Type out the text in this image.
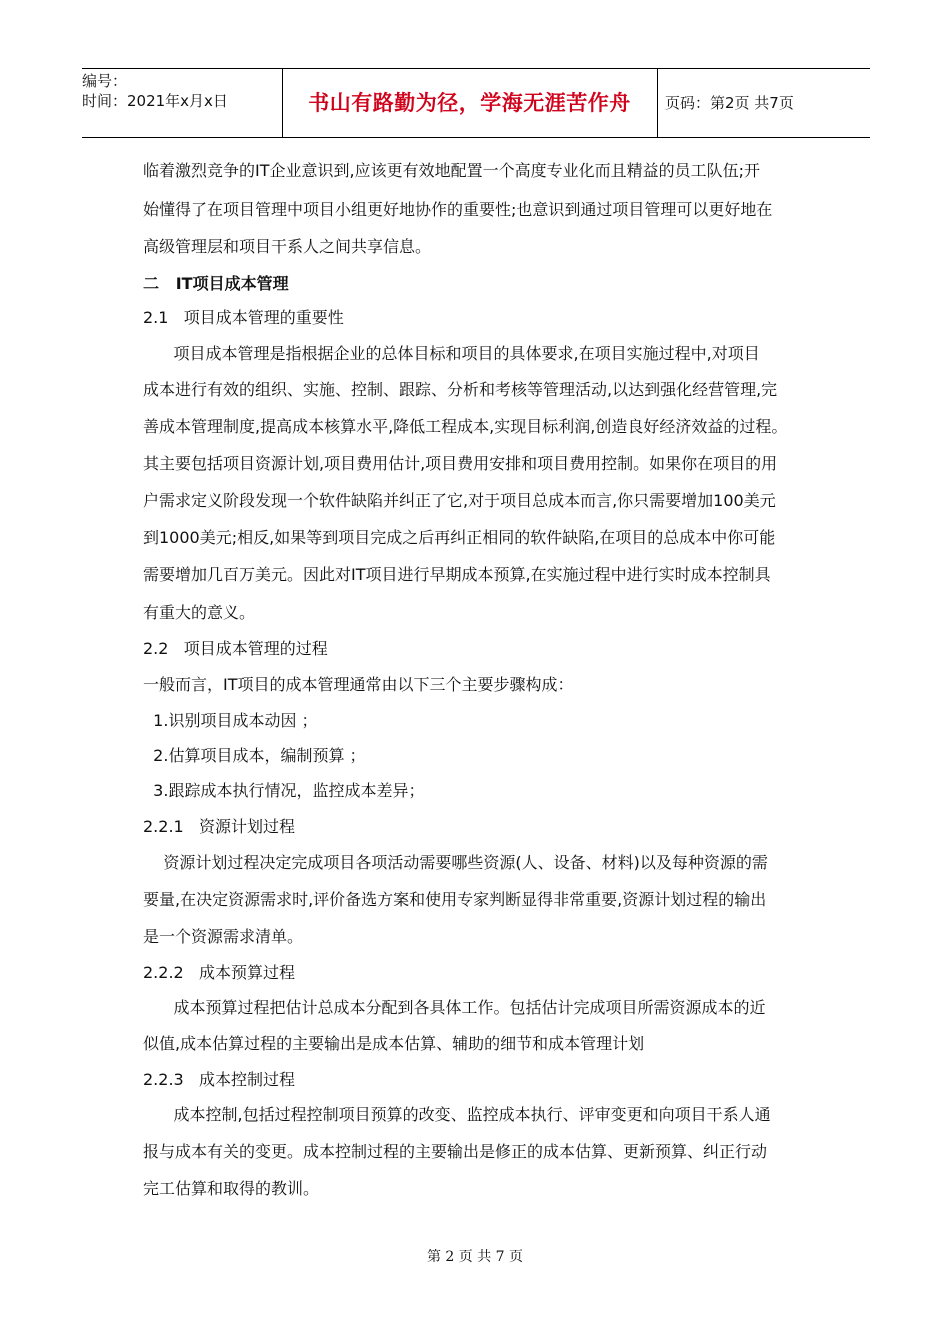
编号：
时间：2021年x月x日	书山有路勤为径，学海无涯苦作舟	页码：第2页 共7页
临着激烈竞争的IT企业意识到,应该更有效地配置一个高度专业化而且精益的员工队伍;开
始懂得了在项目管理中项目小组更好地协作的重要性;也意识到通过项目管理可以更好地在
高级管理层和项目干系人之间共享信息。
二   IT项目成本管理
2.1   项目成本管理的重要性
项目成本管理是指根据企业的总体目标和项目的具体要求,在项目实施过程中,对项目
成本进行有效的组织、实施、控制、跟踪、分析和考核等管理活动,以达到强化经营管理,完
善成本管理制度,提高成本核算水平,降低工程成本,实现目标利润,创造良好经济效益的过程。
其主要包括项目资源计划,项目费用估计,项目费用安排和项目费用控制。如果你在项目的用
户需求定义阶段发现一个软件缺陷并纠正了它,对于项目总成本而言,你只需要增加100美元
到1000美元;相反,如果等到项目完成之后再纠正相同的软件缺陷,在项目的总成本中你可能
需要增加几百万美元。因此对IT项目进行早期成本预算,在实施过程中进行实时成本控制具
有重大的意义。
2.2   项目成本管理的过程
一般而言，IT项目的成本管理通常由以下三个主要步骤构成：
1.识别项目成本动因 ；
2.估算项目成本，编制预算 ；
3.跟踪成本执行情况，监控成本差异；
2.2.1   资源计划过程
资源计划过程决定完成项目各项活动需要哪些资源(人、设备、材料)以及每种资源的需
要量,在决定资源需求时,评价备选方案和使用专家判断显得非常重要,资源计划过程的输出
是一个资源需求清单。
2.2.2   成本预算过程
成本预算过程把估计总成本分配到各具体工作。包括估计完成项目所需资源成本的近
似值,成本估算过程的主要输出是成本估算、辅助的细节和成本管理计划
2.2.3   成本控制过程
成本控制,包括过程控制项目预算的改变、监控成本执行、评审变更和向项目干系人通
报与成本有关的变更。成本控制过程的主要输出是修正的成本估算、更新预算、纠正行动
完工估算和取得的教训。
第 2 页 共 7 页
